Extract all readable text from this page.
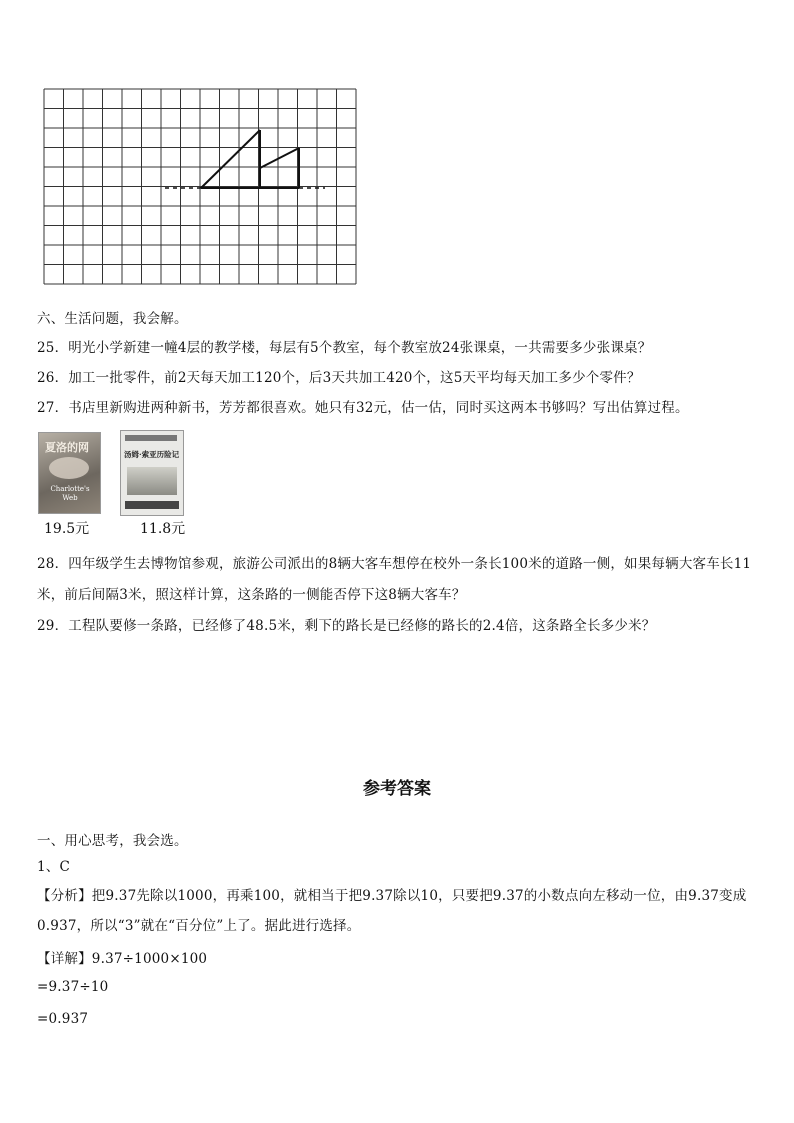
六、生活问题，我会解。
25．明光小学新建一幢4层的教学楼，每层有5个教室，每个教室放24张课桌，一共需要多少张课桌？
26．加工一批零件，前2天每天加工120个，后3天共加工420个，这5天平均每天加工多少个零件？
27．书店里新购进两种新书，芳芳都很喜欢。她只有32元，估一估，同时买这两本书够吗？写出估算过程。
夏洛的网
Charlotte's Web
汤姆·索亚历险记
19.5元	11.8元
28．四年级学生去博物馆参观，旅游公司派出的8辆大客车想停在校外一条长100米的道路一侧，如果每辆大客车长11
米，前后间隔3米，照这样计算，这条路的一侧能否停下这8辆大客车？
29．工程队要修一条路，已经修了48.5米，剩下的路长是已经修的路长的2.4倍，这条路全长多少米？
参考答案
一、用心思考，我会选。
1、C
【分析】把9.37先除以1000，再乘100，就相当于把9.37除以10，只要把9.37的小数点向左移动一位，由9.37变成
0.937，所以“3”就在“百分位”上了。据此进行选择。
【详解】9.37÷1000×100
=9.37÷10
=0.937
